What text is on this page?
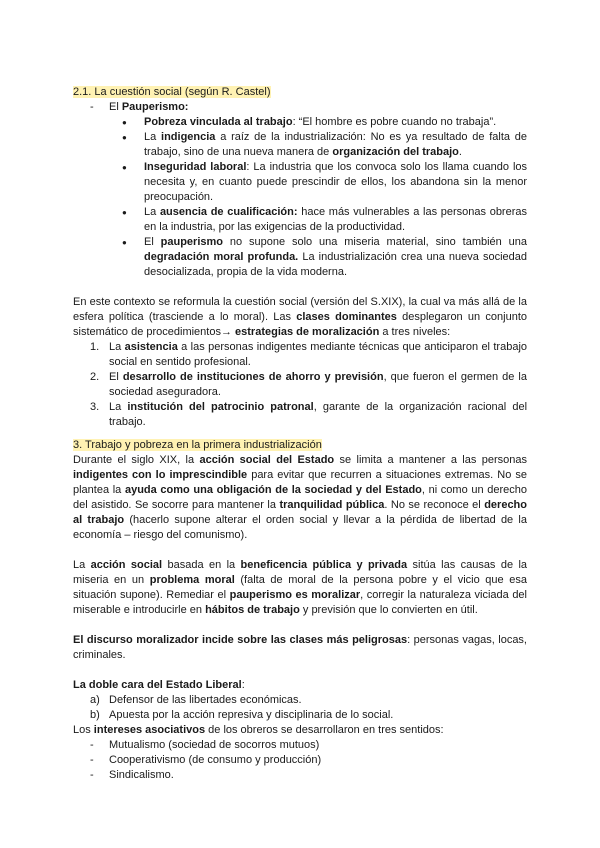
2.1. La cuestión social (según R. Castel)

- El Pauperismo:
● Pobreza vinculada al trabajo: “El hombre es pobre cuando no trabaja”.
● La indigencia a raíz de la industrialización: No es ya resultado de falta de trabajo, sino de una nueva manera de organización del trabajo.
● Inseguridad laboral: La industria que los convoca solo los llama cuando los necesita y, en cuanto puede prescindir de ellos, los abandona sin la menor preocupación.
● La ausencia de cualificación: hace más vulnerables a las personas obreras en la industria, por las exigencias de la productividad.
● El pauperismo no supone solo una miseria material, sino también una degradación moral profunda. La industrialización crea una nueva sociedad desocializada, propia de la vida moderna.

En este contexto se reformula la cuestión social (versión del S.XIX), la cual va más allá de la esfera política (trasciende a lo moral). Las clases dominantes desplegaron un conjunto sistemático de procedimientos→ estrategias de moralización a tres niveles:

1. La asistencia a las personas indigentes mediante técnicas que anticiparon el trabajo social en sentido profesional.
2. El desarrollo de instituciones de ahorro y previsión, que fueron el germen de la sociedad aseguradora.
3. La institución del patrocinio patronal, garante de la organización racional del trabajo.

3. Trabajo y pobreza en la primera industrialización

Durante el siglo XIX, la acción social del Estado se limita a mantener a las personas indigentes con lo imprescindible para evitar que recurren a situaciones extremas. No se plantea la ayuda como una obligación de la sociedad y del Estado, ni como un derecho del asistido. Se socorre para mantener la tranquilidad pública. No se reconoce el derecho al trabajo (hacerlo supone alterar el orden social y llevar a la pérdida de libertad de la economía – riesgo del comunismo).

La acción social basada en la beneficencia pública y privada sitúa las causas de la miseria en un problema moral (falta de moral de la persona pobre y el vicio que esa situación supone). Remediar el pauperismo es moralizar, corregir la naturaleza viciada del miserable e introducirle en hábitos de trabajo y previsión que lo convierten en útil.

El discurso moralizador incide sobre las clases más peligrosas: personas vagas, locas, criminales.

La doble cara del Estado Liberal:

a) Defensor de las libertades económicas.
b) Apuesta por la acción represiva y disciplinaria de lo social.

Los intereses asociativos de los obreros se desarrollaron en tres sentidos:

- Mutualismo (sociedad de socorros mutuos)
- Cooperativismo (de consumo y producción)
- Sindicalismo.
